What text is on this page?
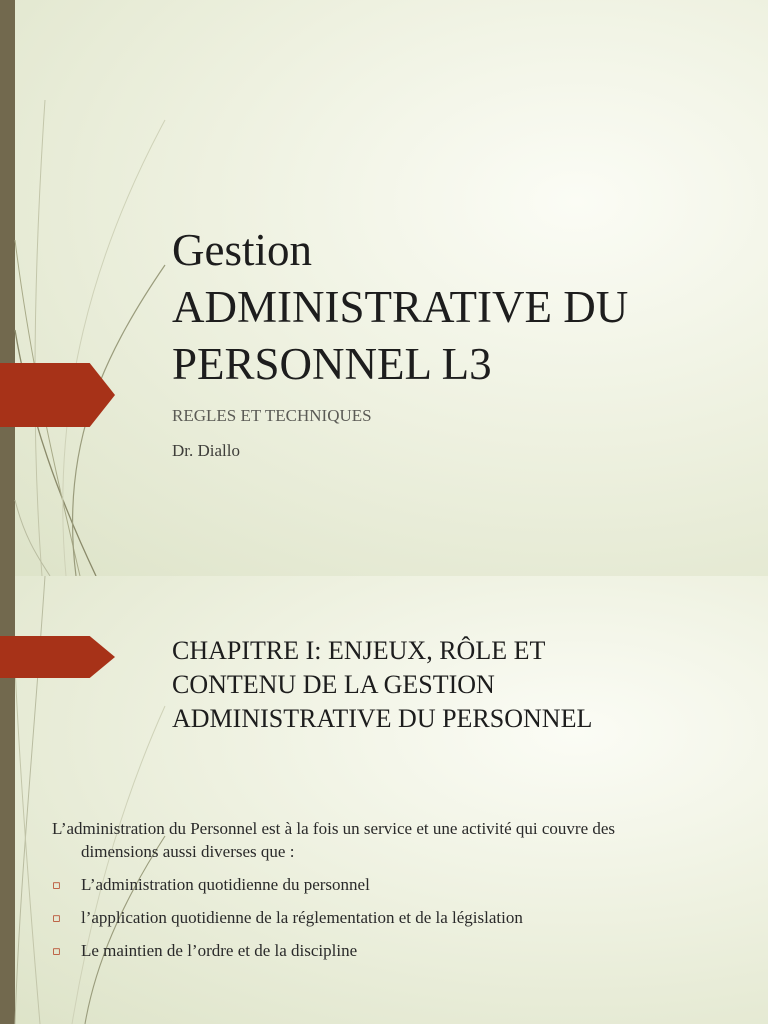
Gestion
ADMINISTRATIVE DU
PERSONNEL L3
REGLES ET TECHNIQUES
Dr. Diallo
CHAPITRE I: ENJEUX, RÔLE ET
CONTENU DE LA GESTION
ADMINISTRATIVE DU PERSONNEL
L’administration du Personnel est à la fois un service et une activité qui couvre des
dimensions aussi diverses que :
▫ L’administration quotidienne du personnel
▫ l’application quotidienne de la réglementation et de la législation
▫ Le maintien de l’ordre et de la discipline
